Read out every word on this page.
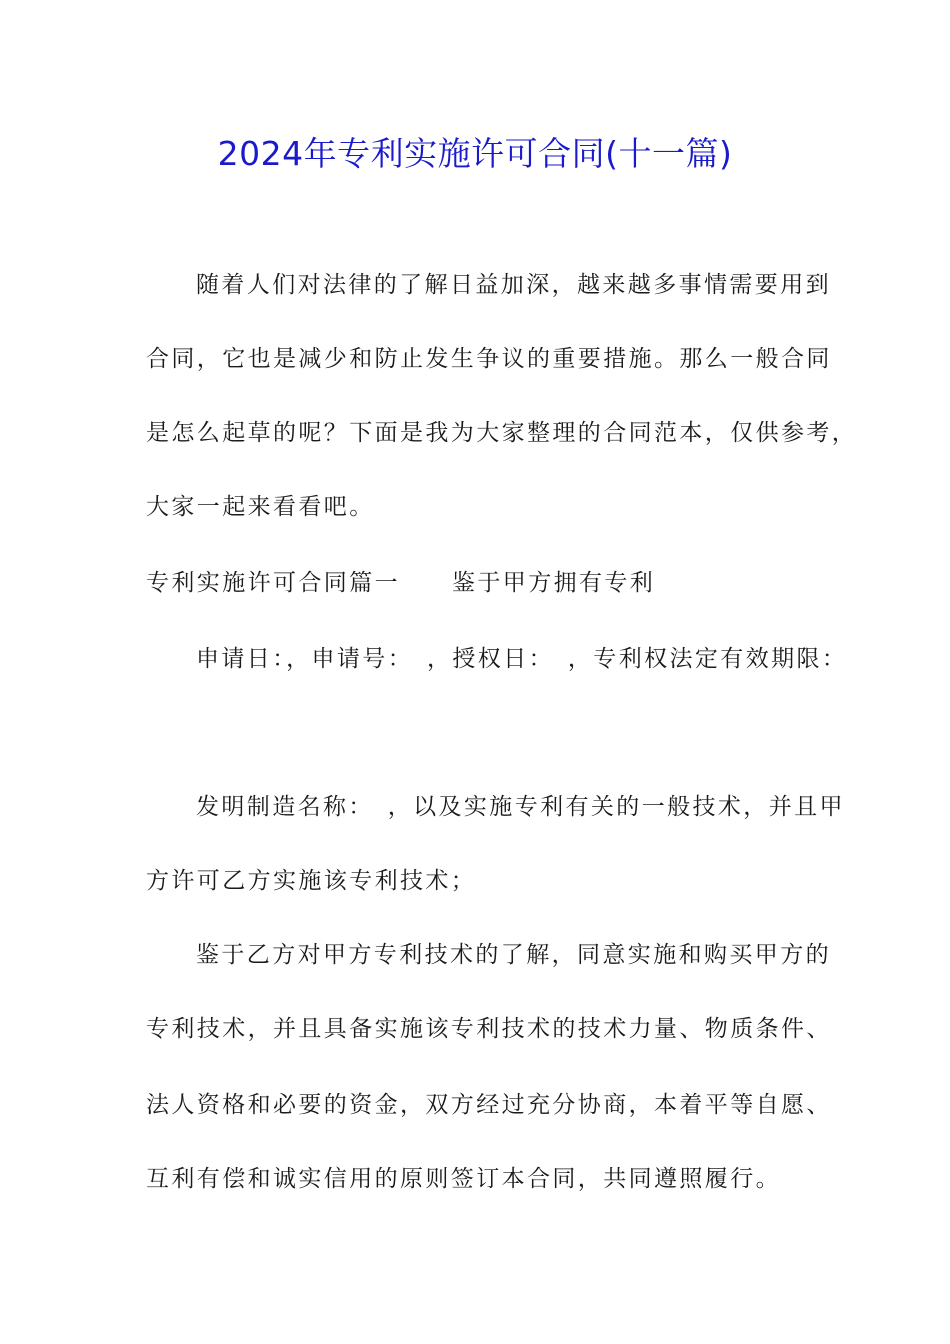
2024年专利实施许可合同(十一篇)

随着人们对法律的了解日益加深，越来越多事情需要用到

合同，它也是减少和防止发生争议的重要措施。那么一般合同

是怎么起草的呢？下面是我为大家整理的合同范本，仅供参考，

大家一起来看看吧。

专利实施许可合同篇一 鉴于甲方拥有专利

申请日：，申请号：　，授权日：　，专利权法定有效期限：

发明制造名称：　，以及实施专利有关的一般技术，并且甲

方许可乙方实施该专利技术；

鉴于乙方对甲方专利技术的了解，同意实施和购买甲方的

专利技术，并且具备实施该专利技术的技术力量、物质条件、

法人资格和必要的资金，双方经过充分协商，本着平等自愿、

互利有偿和诚实信用的原则签订本合同，共同遵照履行。
